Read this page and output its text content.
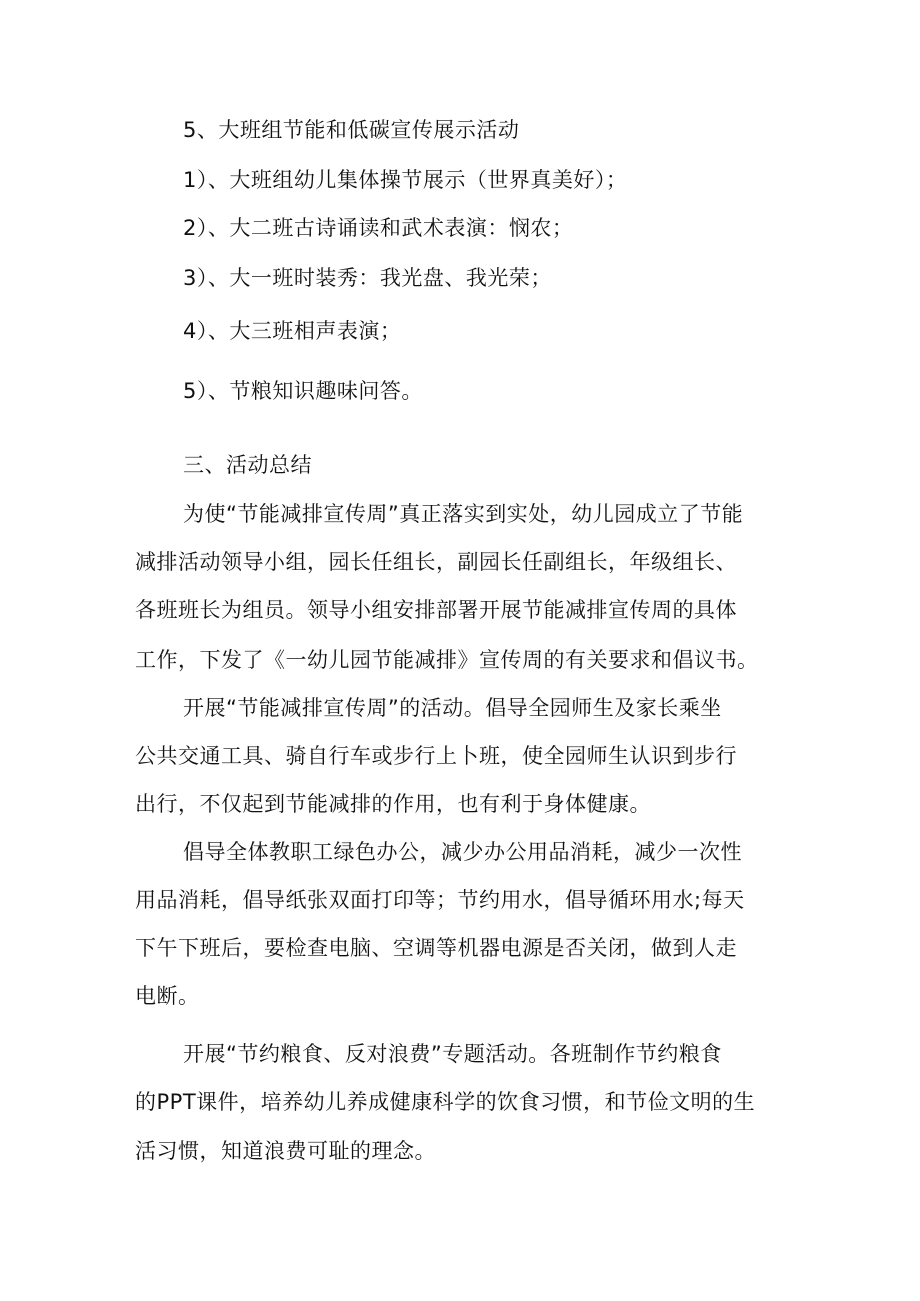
5、大班组节能和低碳宣传展示活动
1）、大班组幼儿集体操节展示（世界真美好）；
2）、大二班古诗诵读和武术表演：悯农；
3）、大一班时装秀：我光盘、我光荣；
4）、大三班相声表演；
5）、节粮知识趣味问答。
三、活动总结
为使“节能减排宣传周”真正落实到实处，幼儿园成立了节能
减排活动领导小组，园长任组长，副园长任副组长，年级组长、
各班班长为组员。领导小组安排部署开展节能减排宣传周的具体
工作，下发了《一幼儿园节能减排》宣传周的有关要求和倡议书。
开展“节能减排宣传周”的活动。倡导全园师生及家长乘坐
公共交通工具、骑自行车或步行上卜班，使全园师生认识到步行
出行，不仅起到节能减排的作用，也有利于身体健康。
倡导全体教职工绿色办公，减少办公用品消耗，减少一次性
用品消耗，倡导纸张双面打印等；节约用水，倡导循环用水;每天
下午下班后，要检查电脑、空调等机器电源是否关闭，做到人走
电断。
开展“节约粮食、反对浪费”专题活动。各班制作节约粮食
的PPT课件，培养幼儿养成健康科学的饮食习惯，和节俭文明的生
活习惯，知道浪费可耻的理念。
